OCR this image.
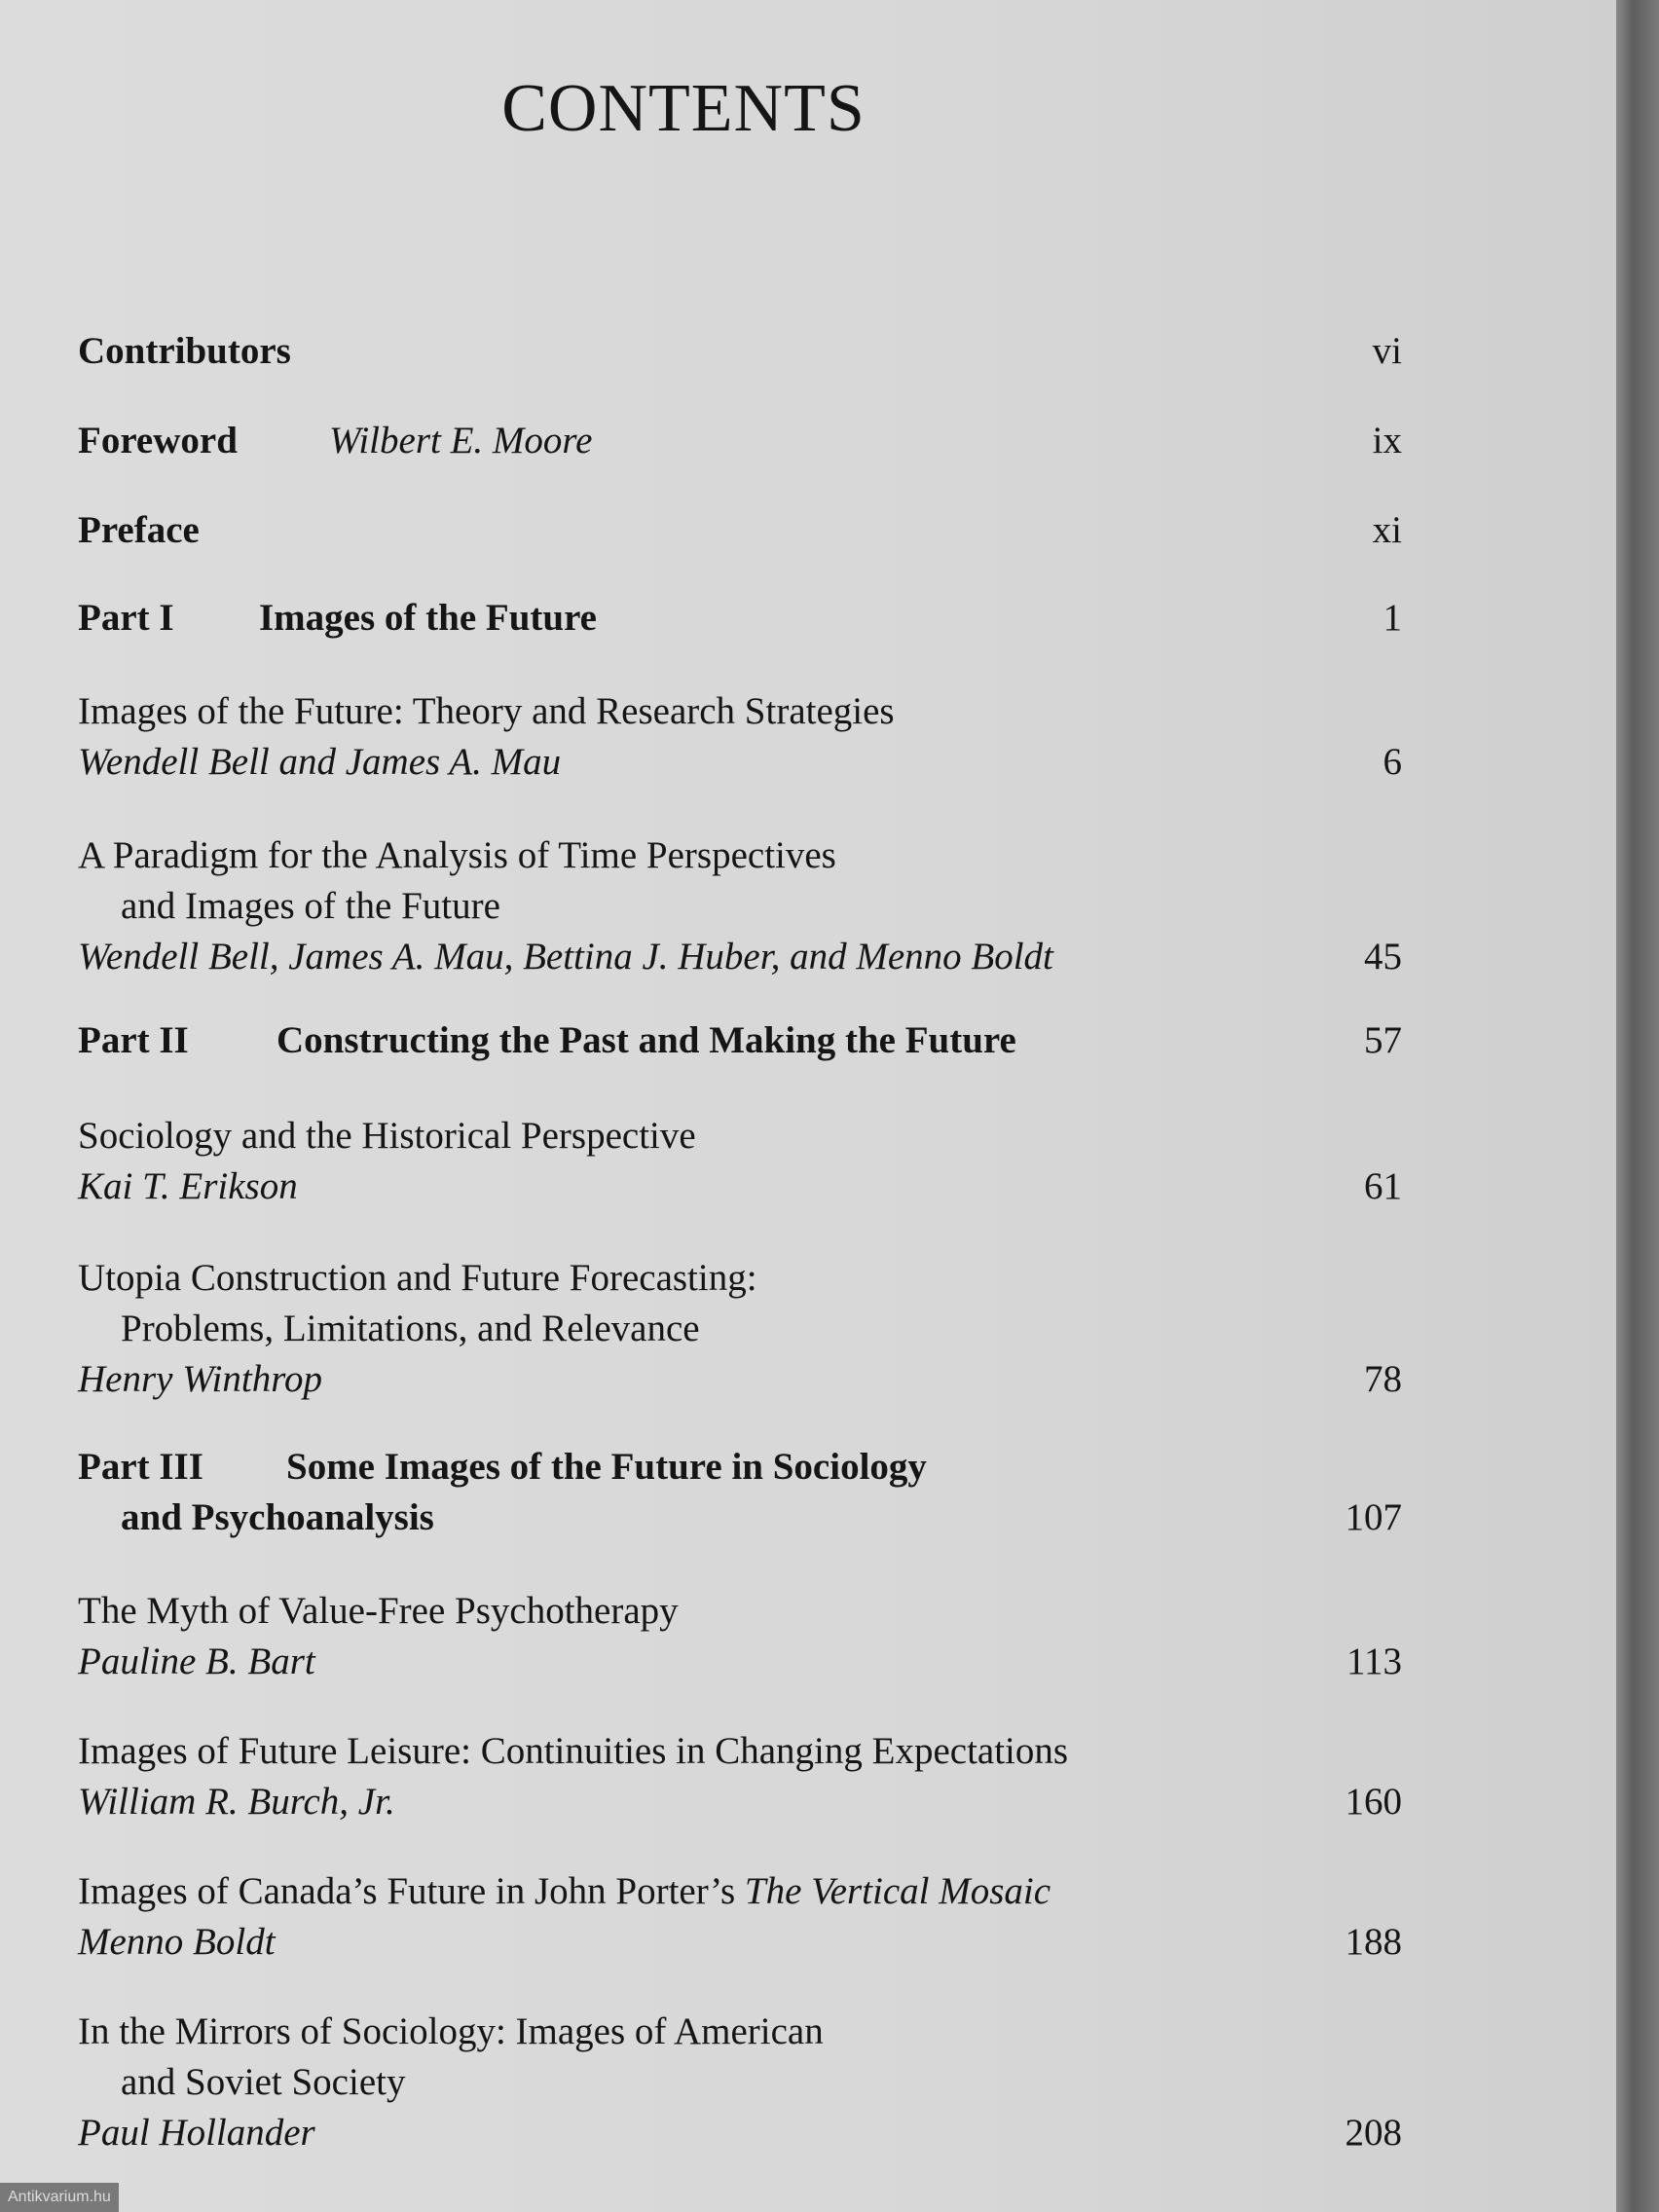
CONTENTS
Contributors	vi
Foreword Wilbert E. Moore	ix
Preface	xi
Part I Images of the Future	1
Images of the Future: Theory and Research Strategies
Wendell Bell and James A. Mau	6
A Paradigm for the Analysis of Time Perspectives
and Images of the Future
Wendell Bell, James A. Mau, Bettina J. Huber, and Menno Boldt	45
Part II Constructing the Past and Making the Future	57
Sociology and the Historical Perspective
Kai T. Erikson	61
Utopia Construction and Future Forecasting:
Problems, Limitations, and Relevance
Henry Winthrop	78
Part III Some Images of the Future in Sociology
and Psychoanalysis	107
The Myth of Value-Free Psychotherapy
Pauline B. Bart	113
Images of Future Leisure: Continuities in Changing Expectations
William R. Burch, Jr.	160
Images of Canada’s Future in John Porter’s The Vertical Mosaic
Menno Boldt	188
In the Mirrors of Sociology: Images of American
and Soviet Society
Paul Hollander	208
Antikvarium.hu
